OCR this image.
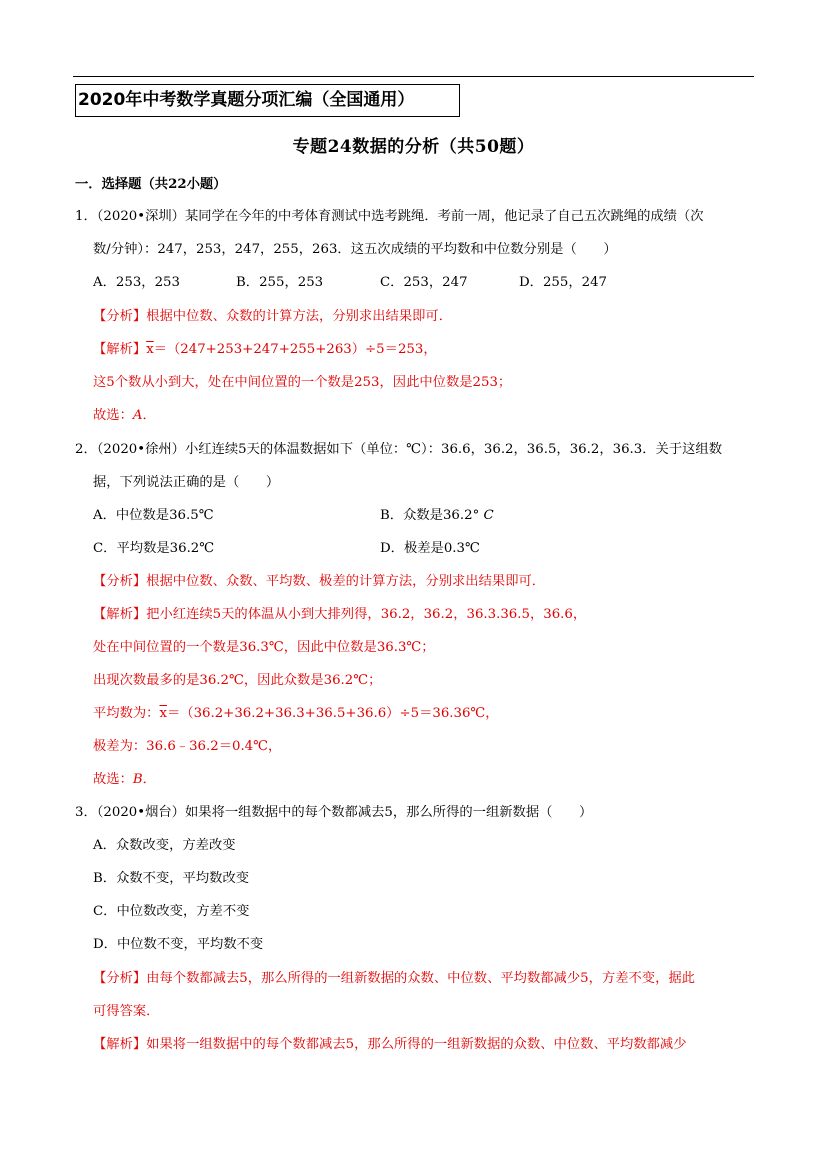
2020年中考数学真题分项汇编（全国通用）
专题24数据的分析（共50题）
一．选择题（共22小题）
1．（2020•深圳）某同学在今年的中考体育测试中选考跳绳．考前一周，他记录了自己五次跳绳的成绩（次
数/分钟）：247，253，247，255，263．这五次成绩的平均数和中位数分别是（　　）
A．253，253	B．255，253	C．253，247	D．255，247
【分析】根据中位数、众数的计算方法，分别求出结果即可．
【解析】$\overline{x}=(247+253+247+255+263)\div 5=253$，
这5个数从小到大，处在中间位置的一个数是253，因此中位数是253；
故选：A．
2．（2020•徐州）小红连续5天的体温数据如下（单位：℃）：36.6，36.2，36.5，36.2，36.3．关于这组数
据，下列说法正确的是（　　）
A．中位数是36.5℃	B．众数是36.2° C
C．平均数是36.2℃	D．极差是0.3℃
【分析】根据中位数、众数、平均数、极差的计算方法，分别求出结果即可．
【解析】把小红连续5天的体温从小到大排列得，36.2，36.2，36.3.36.5，36.6，
处在中间位置的一个数是36.3℃，因此中位数是36.3℃；
出现次数最多的是36.2℃，因此众数是36.2℃；
平均数为：$\overline{x}=(36.2+36.2+36.3+36.5+36.6)\div 5=36.36℃$，
极差为：36.6﹣36.2＝0.4℃，
故选：B．
3．（2020•烟台）如果将一组数据中的每个数都减去5，那么所得的一组新数据（　　）
A．众数改变，方差改变
B．众数不变，平均数改变
C．中位数改变，方差不变
D．中位数不变，平均数不变
【分析】由每个数都减去5，那么所得的一组新数据的众数、中位数、平均数都减少5，方差不变，据此
可得答案．
【解析】如果将一组数据中的每个数都减去5，那么所得的一组新数据的众数、中位数、平均数都减少
